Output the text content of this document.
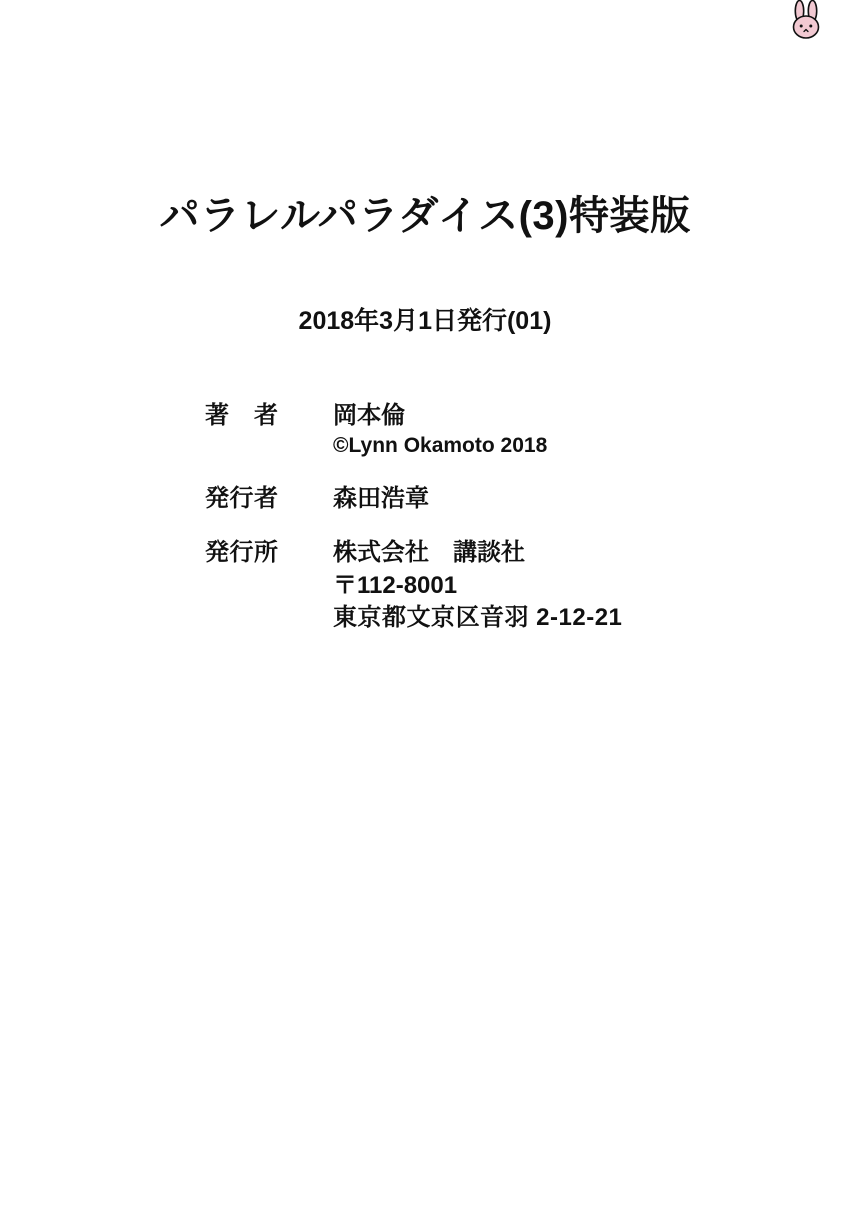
パラレルパラダイス(3)特装版
2018年3月1日発行(01)
著　者	岡本倫
©Lynn Okamoto 2018
発行者	森田浩章
発行所	株式会社　講談社
〒112-8001
東京都文京区音羽 2-12-21
